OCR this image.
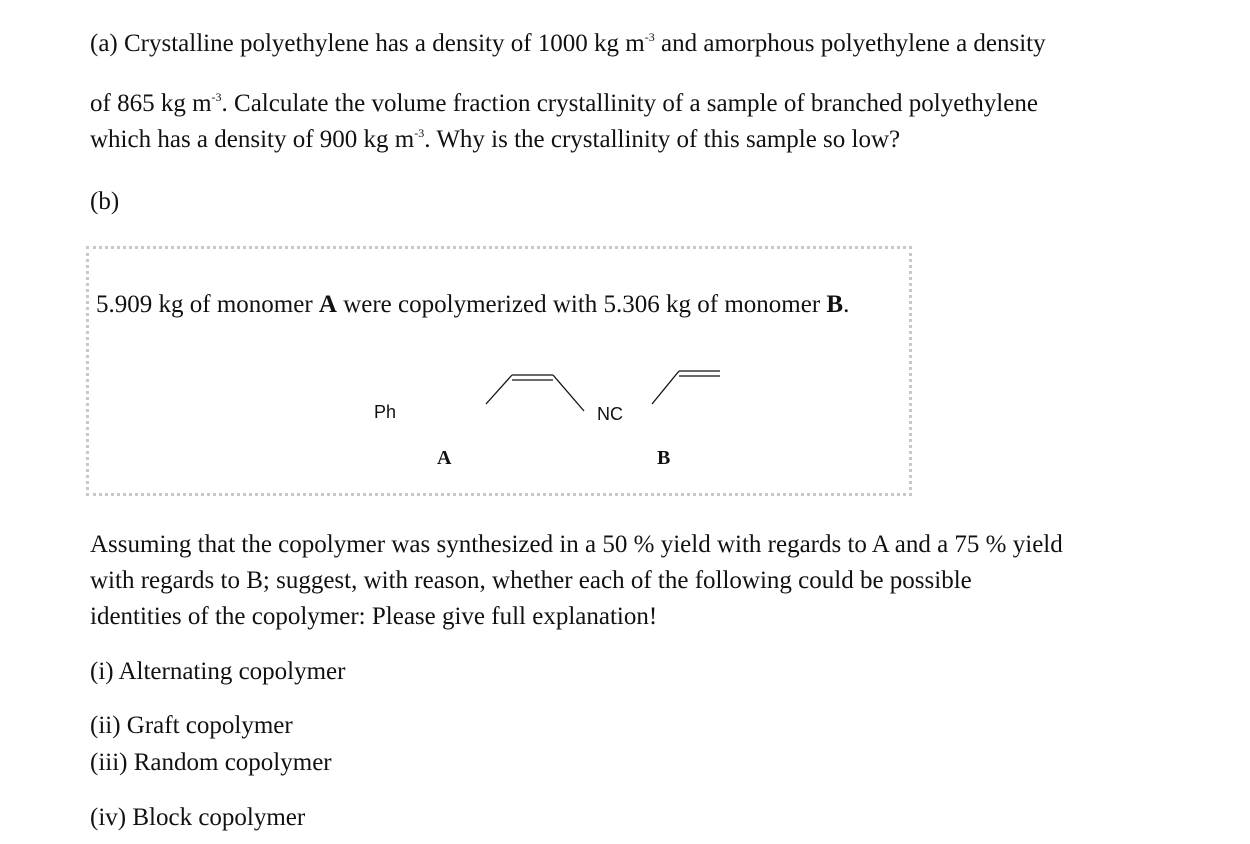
(a) Crystalline polyethylene has a density of 1000 kg $m^{-3}$ and amorphous polyethylene a density
of 865 kg $m^{-3}$. Calculate the volume fraction crystallinity of a sample of branched polyethylene
which has a density of 900 kg $m^{-3}$. Why is the crystallinity of this sample so low?
(b)
5.909 kg of monomer A were copolymerized with 5.306 kg of monomer B.
Ph
A
NC
B
Assuming that the copolymer was synthesized in a 50 % yield with regards to A and a 75 % yield
with regards to B; suggest, with reason, whether each of the following could be possible
identities of the copolymer: Please give full explanation!
(i) Alternating copolymer
(ii) Graft copolymer
(iii) Random copolymer
(iv) Block copolymer
